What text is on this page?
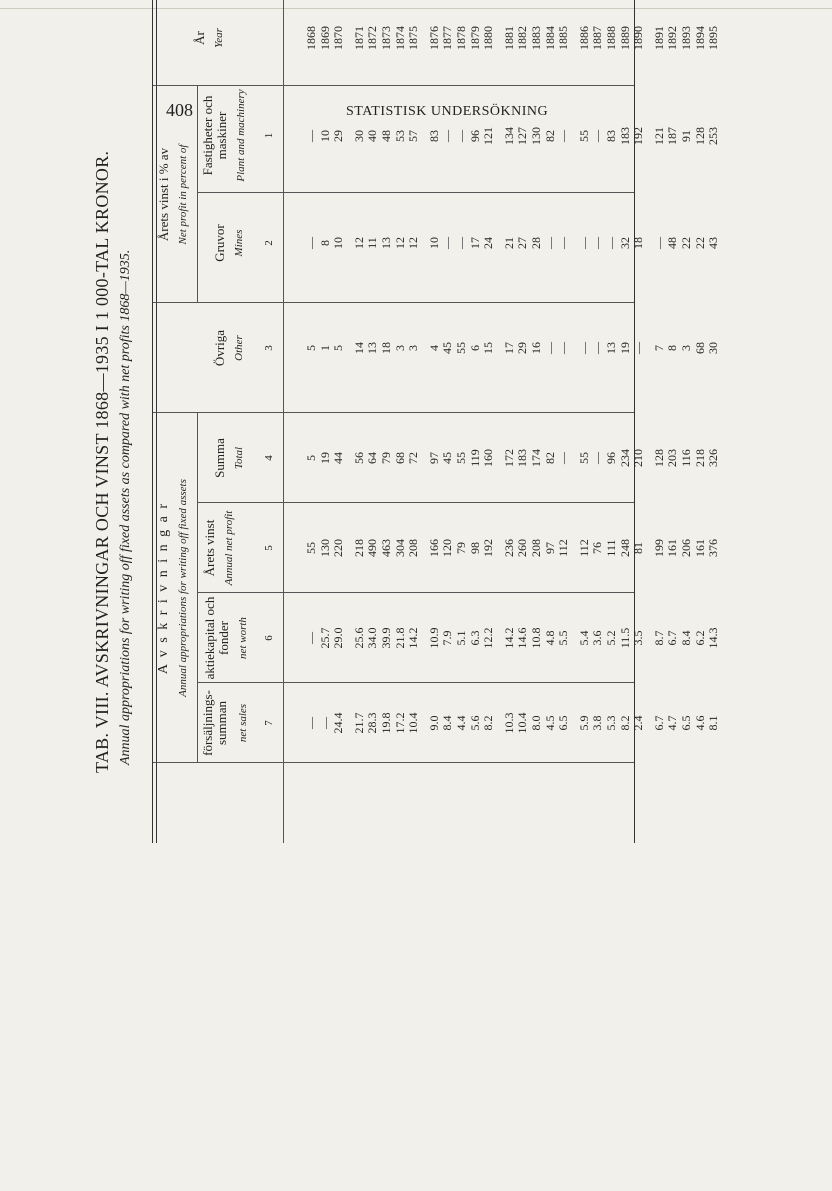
408	STATISTISK UNDERSÖKNING
TAB. VIII. AVSKRIVNINGAR OCH VINST 1868—1935 I 1 000-TAL KRONOR. Annual appropriations for writing off fixed assets as compared with net profits 1868—1935. A v s k r i v n i n g a r Annual appropriations for writing off fixed assets
Årets vinst i % av Net profit in percent of
År Year
Fastigheter och maskiner Plant and machinery
Gruvor Mines
Övriga Other
Summa Total
Årets vinst Annual net profit
aktiekapital och fonder net worth
försäljnings-summan net sales
1
2
3
4
5
6
7
1868
—
—
5
5
55
—
—
1869
10
8
1
19
130
25.7
—
1870
29
10
5
44
220
29.0
24.4
1871
30
12
14
56
218
25.6
21.7
1872
40
11
13
64
490
34.0
28.3
1873
48
13
18
79
463
39.9
19.8
1874
53
12
3
68
304
21.8
17.2
1875
57
12
3
72
208
14.2
10.4
1876
83
10
4
97
166
10.9
9.0
1877
—
—
45
45
120
7.9
8.4
1878
—
—
55
55
79
5.1
4.4
1879
96
17
6
119
98
6.3
5.6
1880
121
24
15
160
192
12.2
8.2
1881
134
21
17
172
236
14.2
10.3
1882
127
27
29
183
260
14.6
10.4
1883
130
28
16
174
208
10.8
8.0
1884
82
—
—
82
97
4.8
4.5
1885
—
—
—
—
112
5.5
6.5
1886
55
—
—
55
112
5.4
5.9
1887
—
—
—
—
76
3.6
3.8
1888
83
—
13
96
111
5.2
5.3
1889
183
32
19
234
248
11.5
8.2
1890
192
18
—
210
81
3.5
2.4
1891
121
—
7
128
199
8.7
6.7
1892
187
48
8
203
161
6.7
4.7
1893
91
22
3
116
206
8.4
6.5
1894
128
22
68
218
161
6.2
4.6
1895
253
43
30
326
376
14.3
8.1
